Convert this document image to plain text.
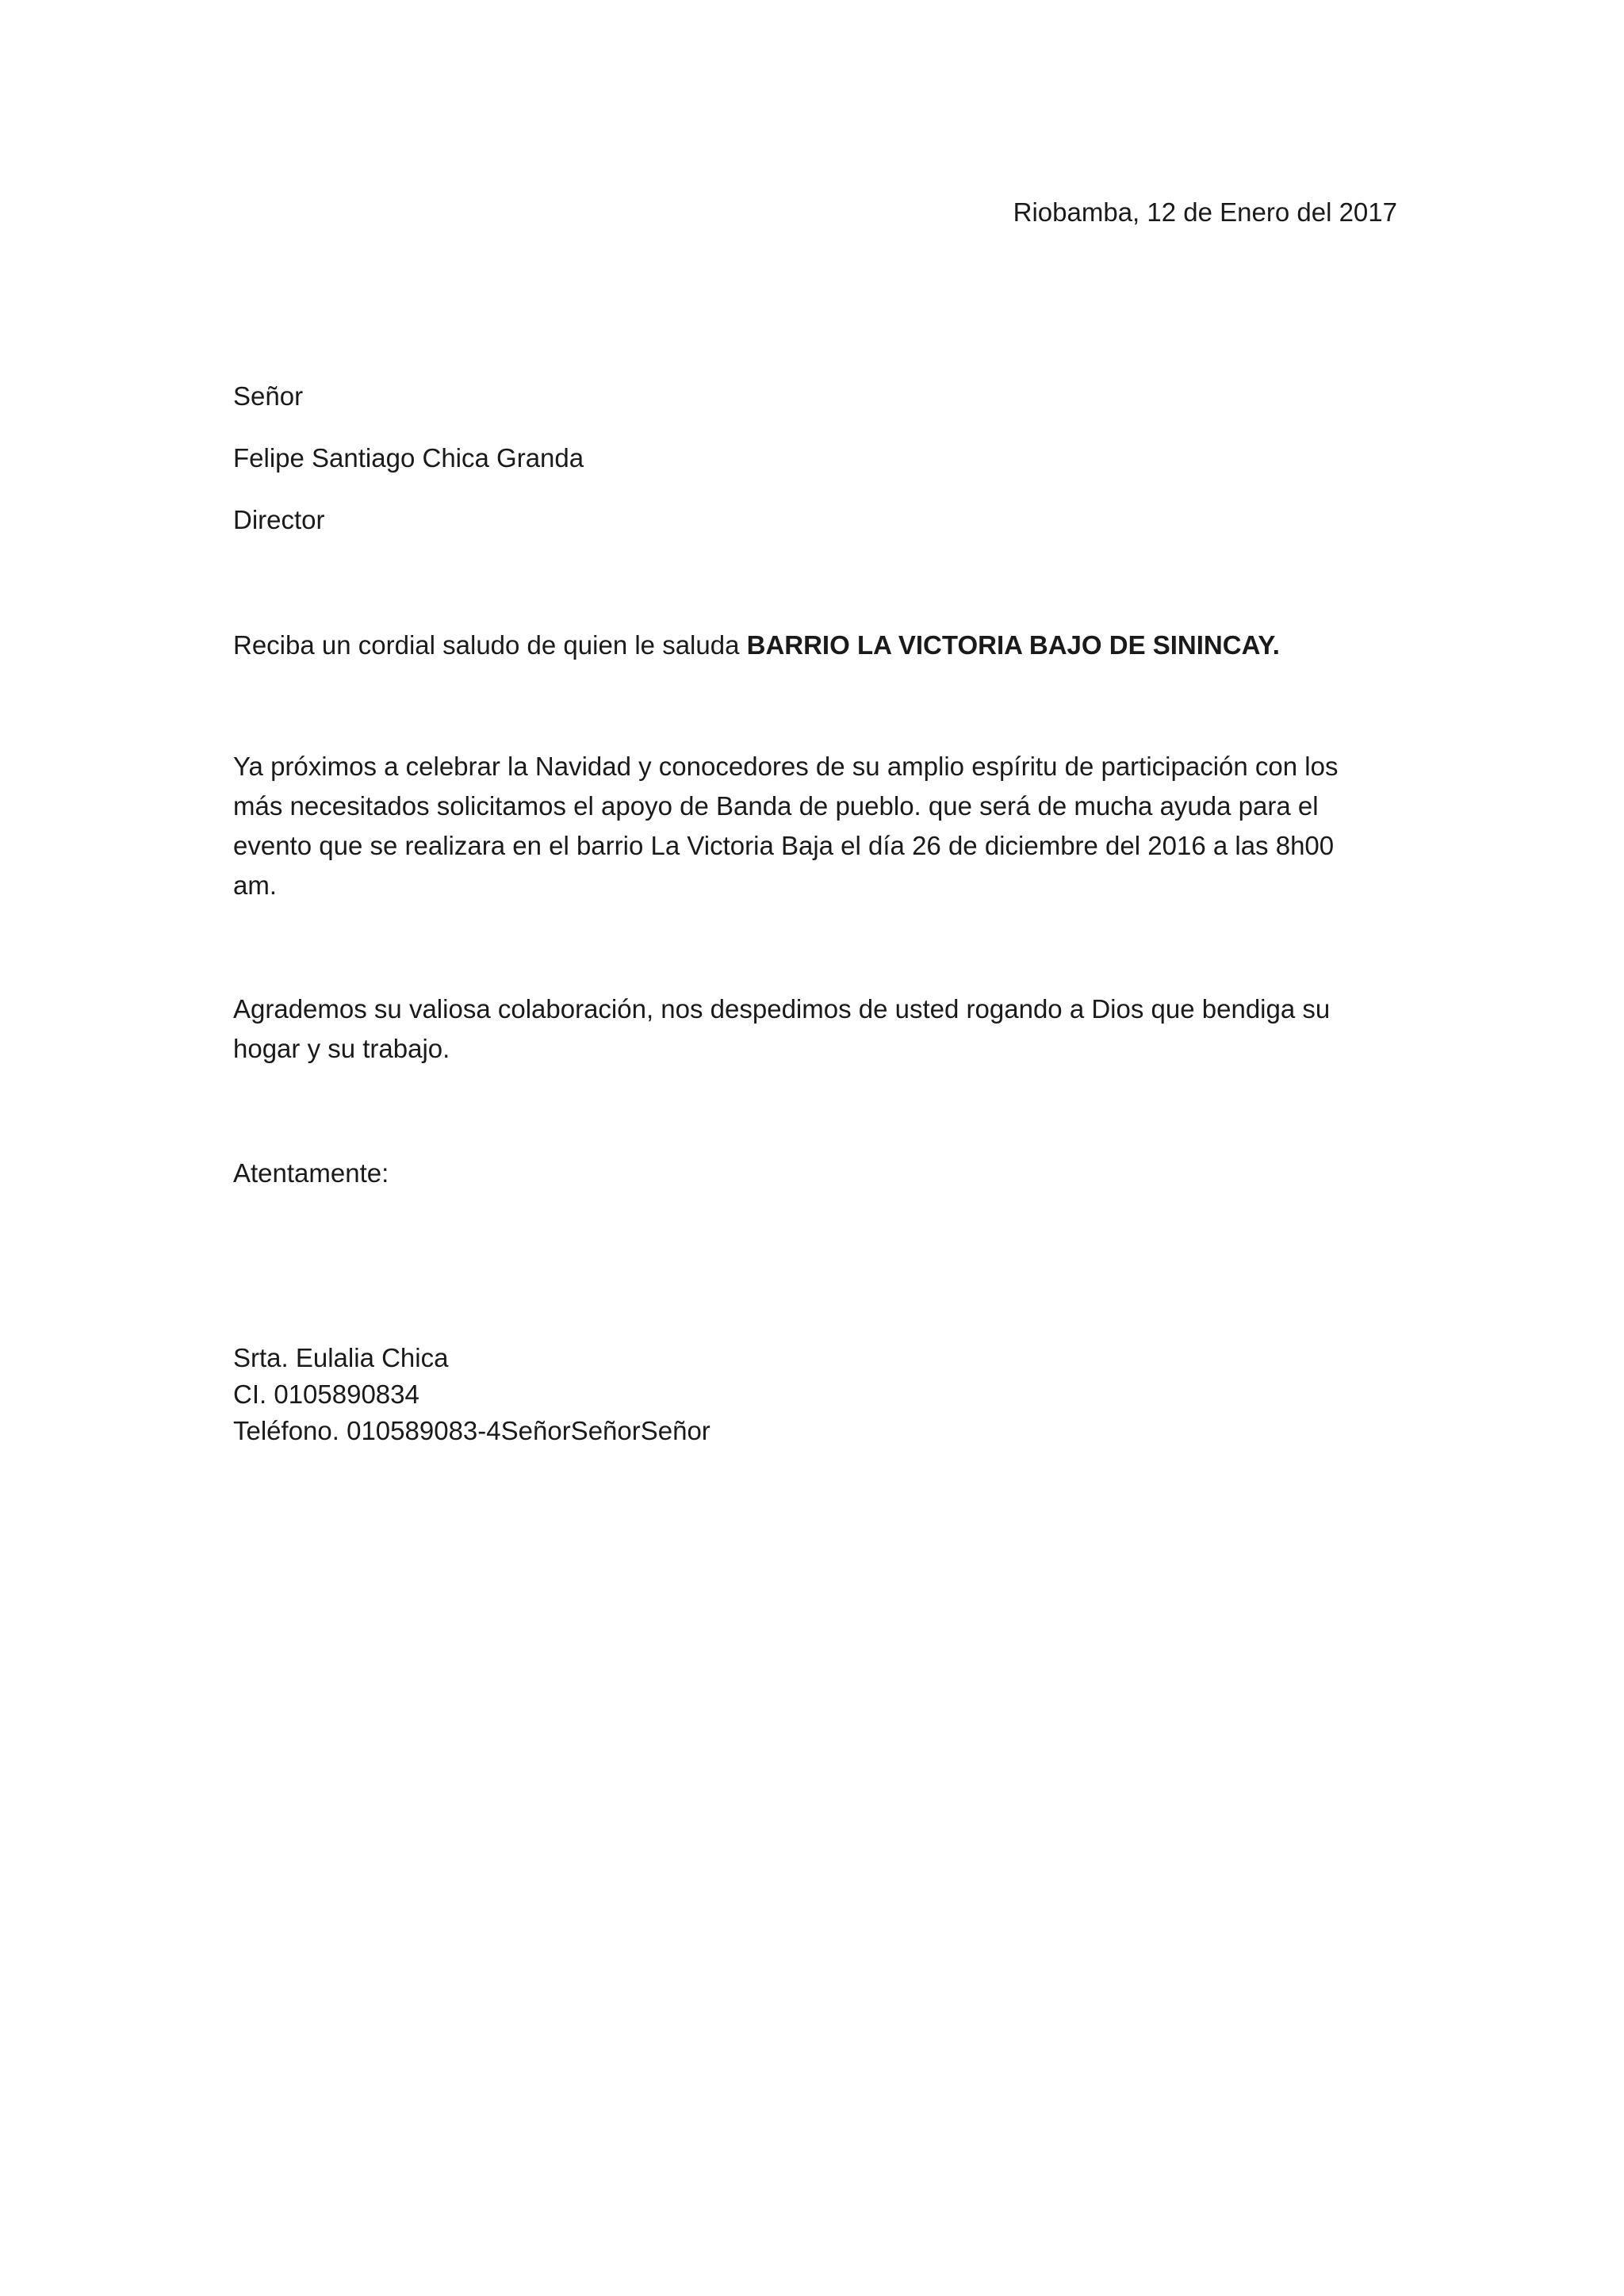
Riobamba, 12 de Enero del 2017
Señor
Felipe Santiago Chica Granda
Director
Reciba un cordial saludo de quien le saluda BARRIO LA VICTORIA BAJO DE SININCAY.
Ya próximos a celebrar la Navidad y conocedores de su amplio espíritu de participación con los
más necesitados solicitamos el apoyo de Banda de pueblo. que será de mucha ayuda para el
evento que se realizara en el barrio La Victoria Baja el día 26 de diciembre del 2016 a las 8h00
am.
Agrademos su valiosa colaboración, nos despedimos de usted rogando a Dios que bendiga su
hogar y su trabajo.
Atentamente:
Srta. Eulalia Chica
CI. 0105890834
Teléfono. 010589083-4SeñorSeñorSeñor
